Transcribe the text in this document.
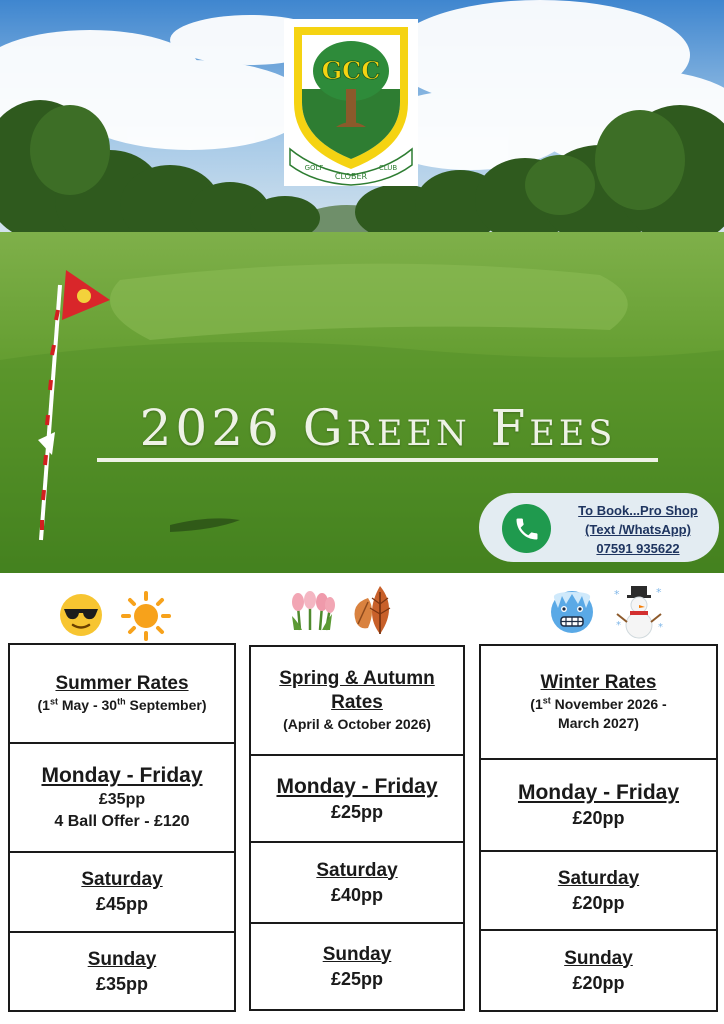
GCC
GOLF
CLOBER
CLUB
2026 Green Fees
To Book...Pro Shop
(Text /WhatsApp)
07591 935622
*	*
*	*
Summer Rates
(1st May - 30th September)
Monday - Friday
£35pp
4 Ball Offer - £120
Saturday
£45pp
Sunday
£35pp
Spring & Autumn
Rates
(April & October 2026)
Monday - Friday
£25pp
Saturday
£40pp
Sunday
£25pp
Winter Rates
(1st November 2026 -
March 2027)
Monday - Friday
£20pp
Saturday
£20pp
Sunday
£20pp
